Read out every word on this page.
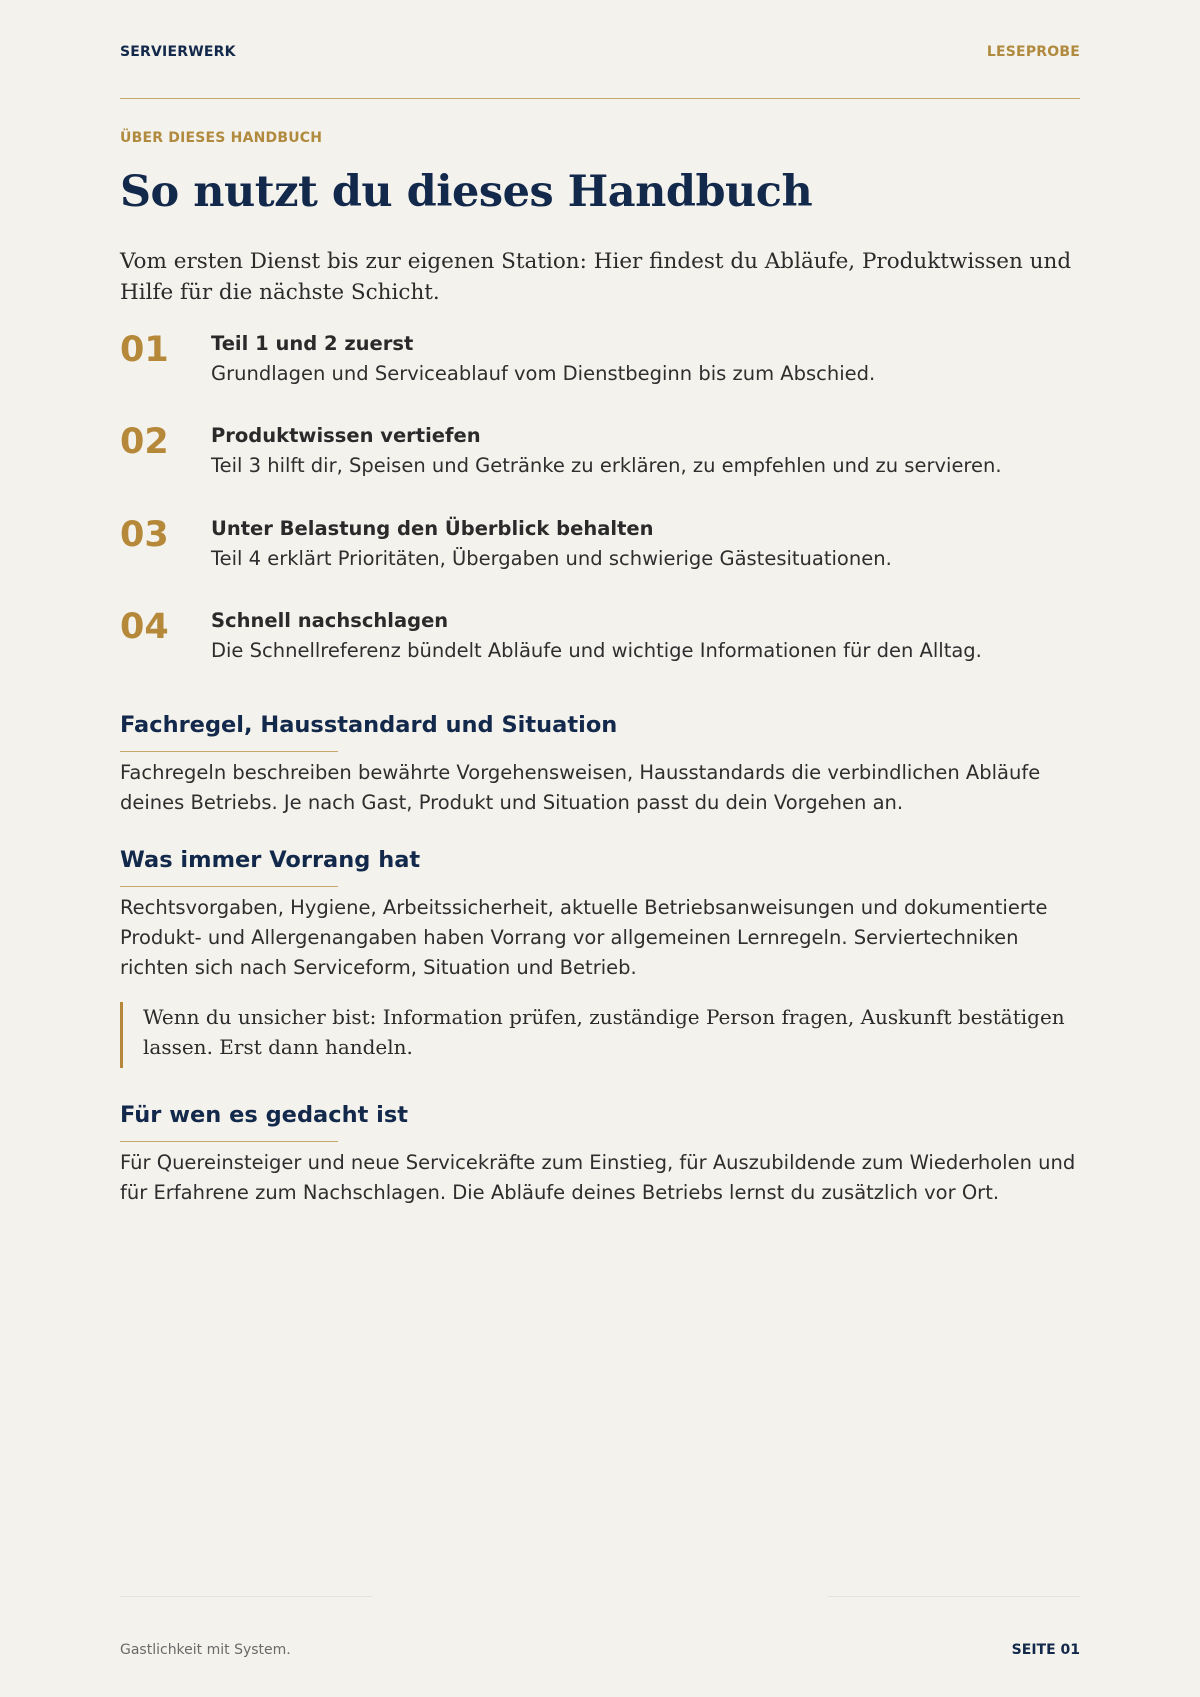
SERVIERWERK	LESEPROBE
ÜBER DIESES HANDBUCH
So nutzt du dieses Handbuch

Vom ersten Dienst bis zur eigenen Station: Hier findest du Abläufe, Produktwissen und Hilfe für die nächste Schicht.

01 Teil 1 und 2 zuerst
Grundlagen und Serviceablauf vom Dienstbeginn bis zum Abschied.
02 Produktwissen vertiefen
Teil 3 hilft dir, Speisen und Getränke zu erklären, zu empfehlen und zu servieren.
03 Unter Belastung den Überblick behalten
Teil 4 erklärt Prioritäten, Übergaben und schwierige Gästesituationen.
04 Schnell nachschlagen
Die Schnellreferenz bündelt Abläufe und wichtige Informationen für den Alltag.
Fachregel, Hausstandard und Situation

Fachregeln beschreiben bewährte Vorgehensweisen, Hausstandards die verbindlichen Abläufe deines Betriebs. Je nach Gast, Produkt und Situation passt du dein Vorgehen an.

Was immer Vorrang hat

Rechtsvorgaben, Hygiene, Arbeitssicherheit, aktuelle Betriebsanweisungen und dokumentierte Produkt- und Allergenangaben haben Vorrang vor allgemeinen Lernregeln. Serviertechniken richten sich nach Serviceform, Situation und Betrieb.

Wenn du unsicher bist: Information prüfen, zuständige Person fragen, Auskunft bestätigen lassen. Erst dann handeln.

Für wen es gedacht ist

Für Quereinsteiger und neue Servicekräfte zum Einstieg, für Auszubildende zum Wiederholen und für Erfahrene zum Nachschlagen. Die Abläufe deines Betriebs lernst du zusätzlich vor Ort.

Gastlichkeit mit System.	SEITE 01
